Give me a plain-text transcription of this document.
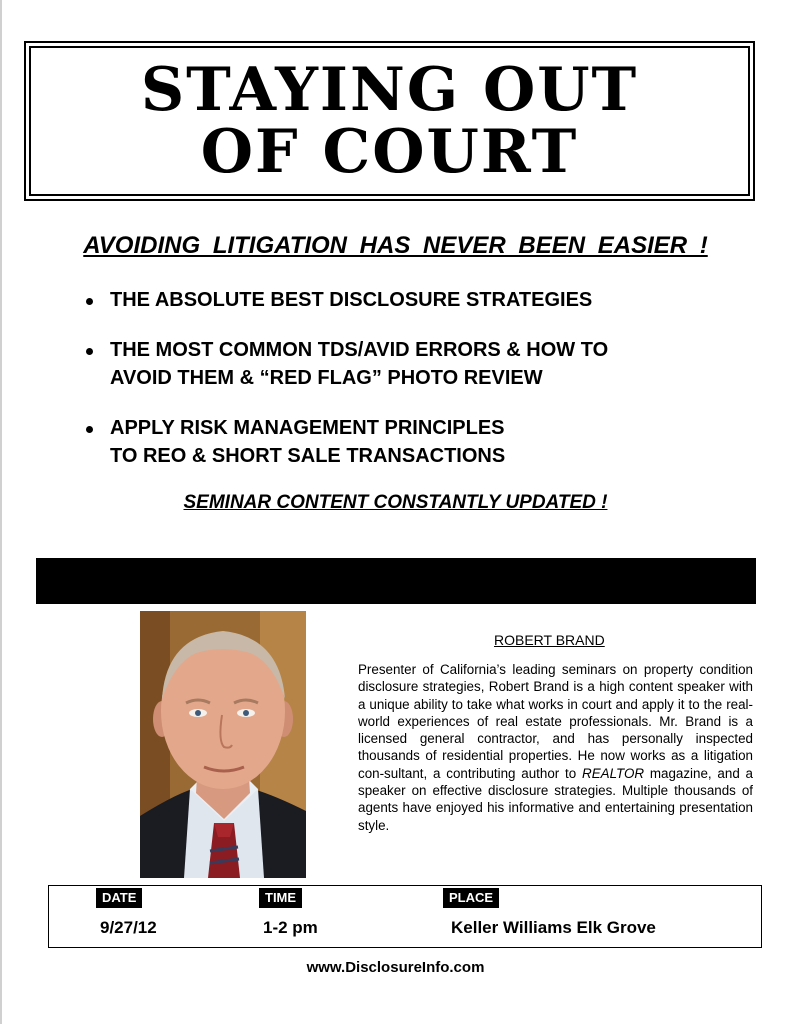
STAYING OUT
OF COURT
AVOIDING LITIGATION HAS NEVER BEEN EASIER !
THE ABSOLUTE BEST DISCLOSURE STRATEGIES
THE MOST COMMON TDS/AVID ERRORS & HOW TO
AVOID THEM & “RED FLAG” PHOTO REVIEW
APPLY RISK MANAGEMENT PRINCIPLES
TO REO & SHORT SALE TRANSACTIONS
SEMINAR CONTENT CONSTANTLY UPDATED !
ROBERT BRAND

Presenter of California’s leading seminars on property condition disclosure strategies, Robert Brand is a high content speaker with a unique ability to take what works in court and apply it to the real-world experiences of real estate professionals. Mr. Brand is a licensed general contractor, and has personally inspected thousands of residential properties. He now works as a litigation con-sultant, a contributing author to REALTOR magazine, and a speaker on effective disclosure strategies. Multiple thousands of agents have enjoyed his informative and entertaining presentation style.

DATE
9/27/12
TIME
1-2 pm
PLACE
Keller Williams Elk Grove
www.DisclosureInfo.com
